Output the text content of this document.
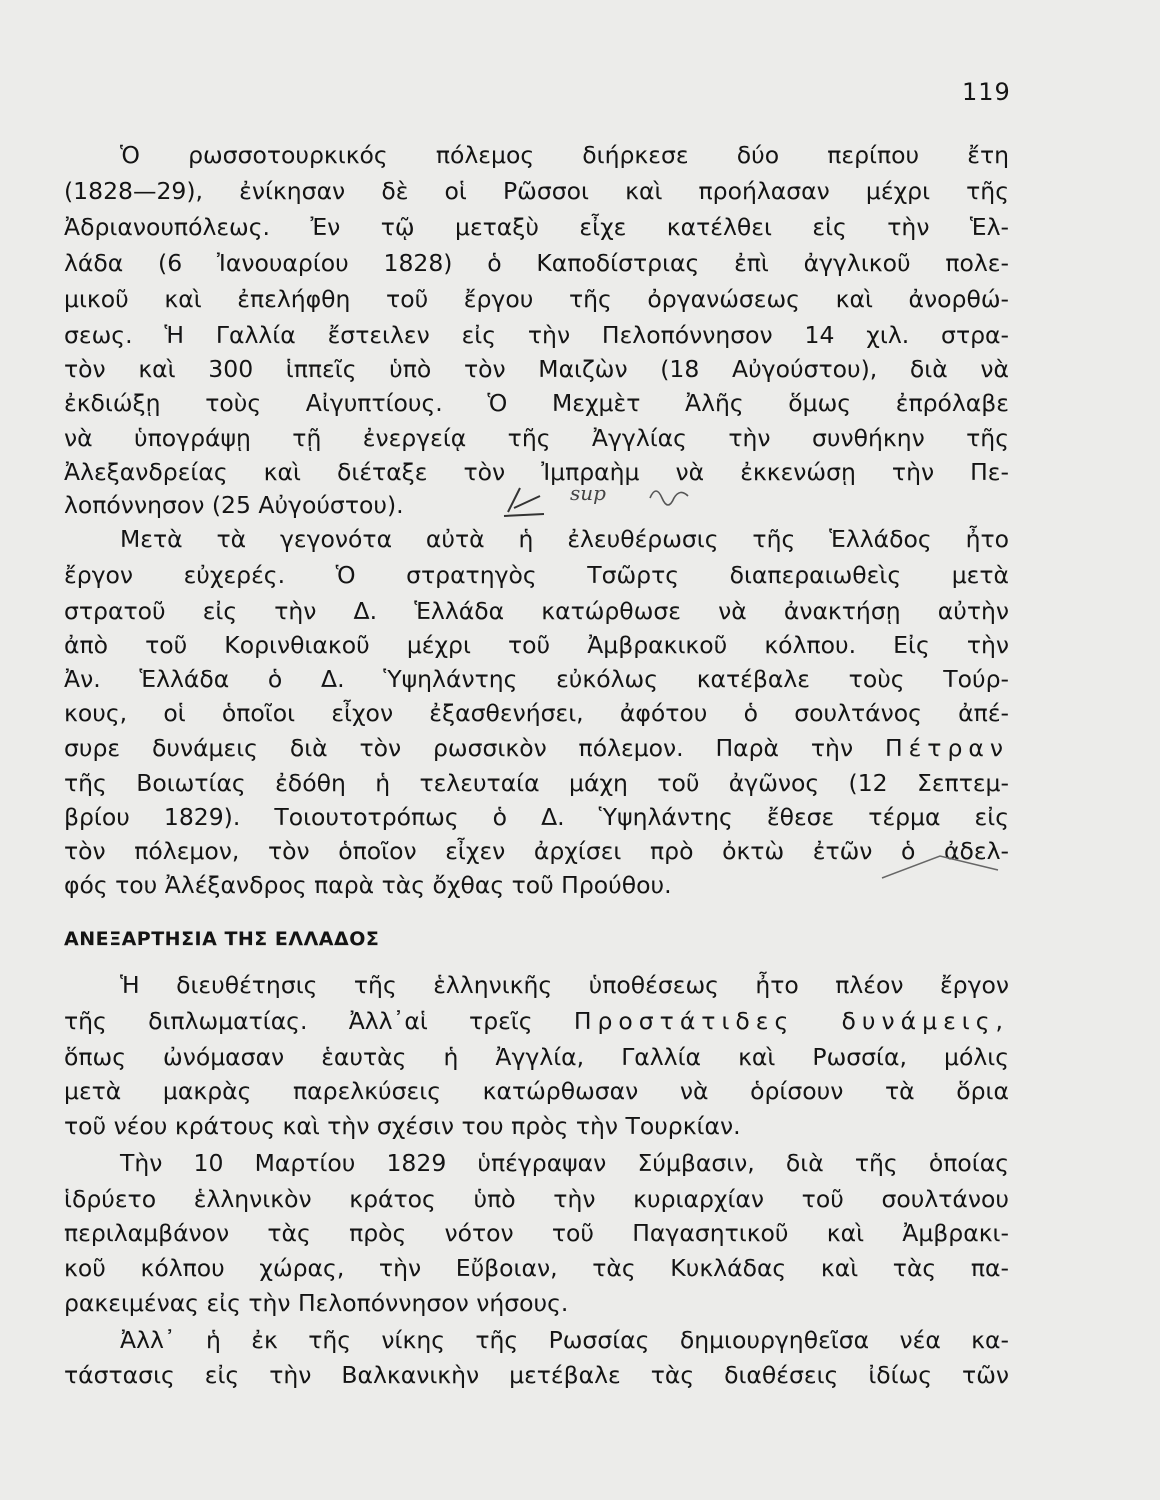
119
Ὁ ρωσσοτουρκικός πόλεμος διήρκεσε δύο περίπου ἔτη
(1828—29), ἐνίκησαν δὲ οἱ Ρῶσσοι καὶ προήλασαν μέχρι τῆς
Ἀδριανουπόλεως. Ἐν τῷ μεταξὺ εἶχε κατέλθει εἰς τὴν Ἑλ-
λάδα (6 Ἰανουαρίου 1828) ὁ Καποδίστριας ἐπὶ ἀγγλικοῦ πολε-
μικοῦ καὶ ἐπελήφθη τοῦ ἔργου τῆς ὀργανώσεως καὶ ἀνορθώ-
σεως. Ἡ Γαλλία ἔστειλεν εἰς τὴν Πελοπόννησον 14 χιλ. στρα-
τὸν καὶ 300 ἱππεῖς ὑπὸ τὸν Μαιζὼν (18 Αὐγούστου), διὰ νὰ
ἐκδιώξῃ τοὺς Αἰγυπτίους. Ὁ Μεχμὲτ Ἀλῆς ὅμως ἐπρόλαβε
νὰ ὑπογράψῃ τῇ ἐνεργείᾳ τῆς Ἀγγλίας τὴν συνθήκην τῆς
Ἀλεξανδρείας καὶ διέταξε τὸν Ἰμπραὴμ νὰ ἐκκενώσῃ τὴν Πε-
λοπόννησον (25 Αὐγούστου).	sup
Μετὰ τὰ γεγονότα αὐτὰ ἡ ἐλευθέρωσις τῆς Ἑλλάδος ἦτο
ἔργον εὐχερές. Ὁ στρατηγὸς Τσῶρτς διαπεραιωθεὶς μετὰ
στρατοῦ εἰς τὴν Δ. Ἑλλάδα κατώρθωσε νὰ ἀνακτήσῃ αὐτὴν
ἀπὸ τοῦ Κορινθιακοῦ μέχρι τοῦ Ἀμβρακικοῦ κόλπου. Εἰς τὴν
Ἀν. Ἑλλάδα ὁ Δ. Ὑψηλάντης εὐκόλως κατέβαλε τοὺς Τούρ-
κους, οἱ ὁποῖοι εἶχον ἐξασθενήσει, ἀφότου ὁ σουλτάνος ἀπέ-
συρε δυνάμεις διὰ τὸν ρωσσικὸν πόλεμον. Παρὰ τὴν Πέτραν
τῆς Βοιωτίας ἐδόθη ἡ τελευταία μάχη τοῦ ἀγῶνος (12 Σεπτεμ-
βρίου 1829). Τοιουτοτρόπως ὁ Δ. Ὑψηλάντης ἔθεσε τέρμα εἰς
τὸν πόλεμον, τὸν ὁποῖον εἶχεν ἀρχίσει πρὸ ὀκτὼ ἐτῶν ὁ ἀδελ-
φός του Ἀλέξανδρος παρὰ τὰς ὄχθας τοῦ Προύθου.
ΑΝΕΞΑΡΤΗΣΙΑ ΤΗΣ ΕΛΛΑΔΟΣ
Ἡ διευθέτησις τῆς ἑλληνικῆς ὑποθέσεως ἦτο πλέον ἔργον
τῆς διπλωματίας. Ἀλλ᾽αἱ τρεῖς Προστάτιδες δυνάμεις,
ὅπως ὠνόμασαν ἑαυτὰς ἡ Ἀγγλία, Γαλλία καὶ Ρωσσία, μόλις
μετὰ μακρὰς παρελκύσεις κατώρθωσαν νὰ ὁρίσουν τὰ ὅρια
τοῦ νέου κράτους καὶ τὴν σχέσιν του πρὸς τὴν Τουρκίαν.
Τὴν 10 Μαρτίου 1829 ὑπέγραψαν Σύμβασιν, διὰ τῆς ὁποίας
ἱδρύετο ἑλληνικὸν κράτος ὑπὸ τὴν κυριαρχίαν τοῦ σουλτάνου
περιλαμβάνον τὰς πρὸς νότον τοῦ Παγασητικοῦ καὶ Ἀμβρακι-
κοῦ κόλπου χώρας, τὴν Εὔβοιαν, τὰς Κυκλάδας καὶ τὰς πα-
ρακειμένας εἰς τὴν Πελοπόννησον νήσους.
Ἀλλ᾽ ἡ ἐκ τῆς νίκης τῆς Ρωσσίας δημιουργηθεῖσα νέα κα-
τάστασις εἰς τὴν Βαλκανικὴν μετέβαλε τὰς διαθέσεις ἰδίως τῶν
